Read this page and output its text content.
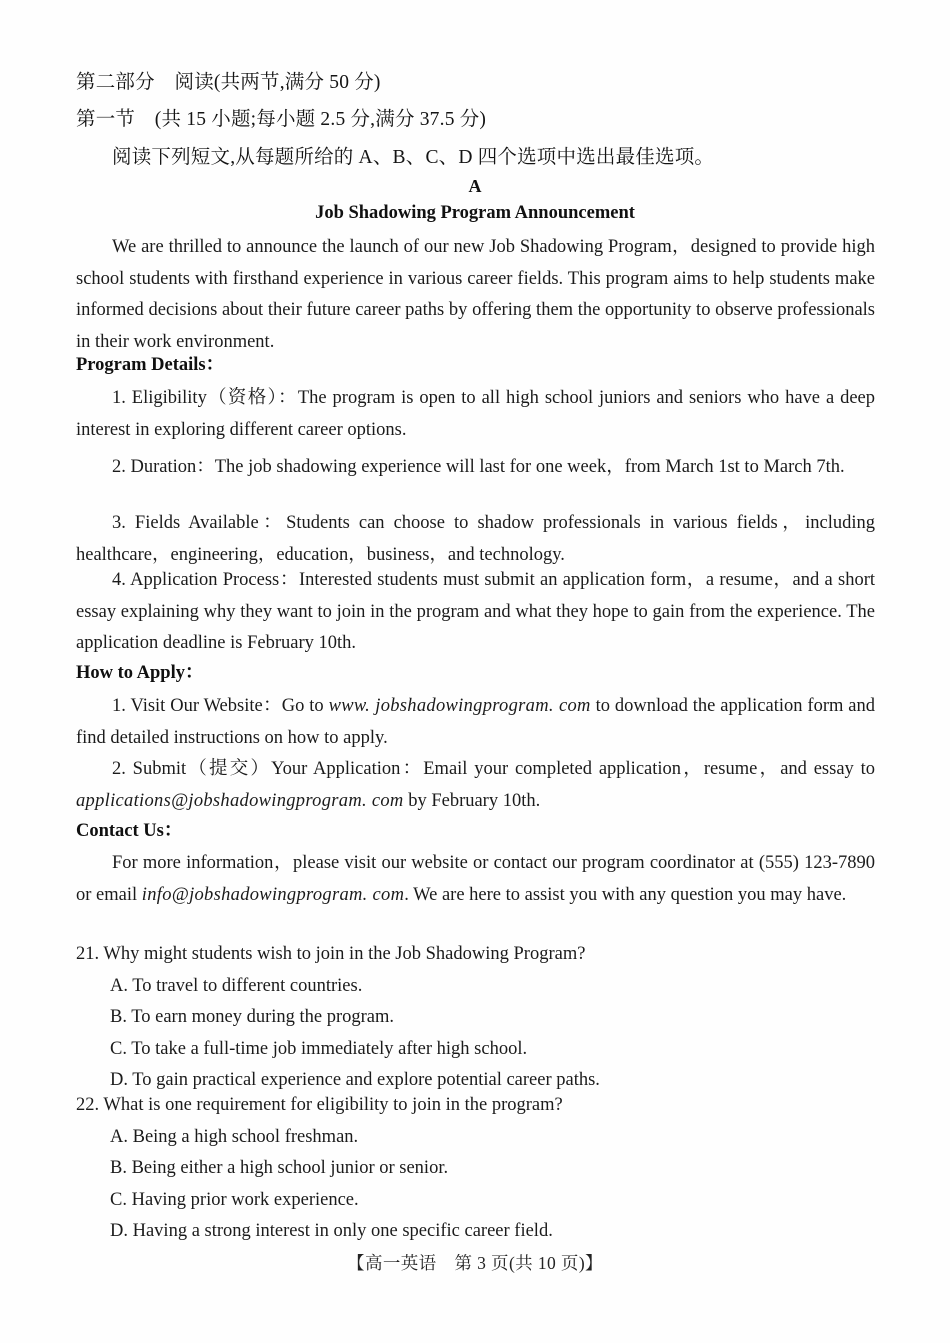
第二部分　阅读(共两节,满分 50 分)
第一节　(共 15 小题;每小题 2.5 分,满分 37.5 分)
阅读下列短文,从每题所给的 A、B、C、D 四个选项中选出最佳选项。
A
Job Shadowing Program Announcement
We are thrilled to announce the launch of our new Job Shadowing Program，designed to provide high school students with firsthand experience in various career fields. This program aims to help students make informed decisions about their future career paths by offering them the opportunity to observe professionals in their work environment.
Program Details：
1. Eligibility（资格）：The program is open to all high school juniors and seniors who have a deep interest in exploring different career options.
2. Duration：The job shadowing experience will last for one week，from March 1st to March 7th.
3. Fields Available：Students can choose to shadow professionals in various fields，including healthcare，engineering，education，business，and technology.
4. Application Process：Interested students must submit an application form，a resume，and a short essay explaining why they want to join in the program and what they hope to gain from the experience. The application deadline is February 10th.
How to Apply：
1. Visit Our Website：Go to www. jobshadowingprogram. com to download the application form and find detailed instructions on how to apply.
2. Submit（提交）Your Application：Email your completed application，resume，and essay to applications@jobshadowingprogram. com by February 10th.
Contact Us：
For more information，please visit our website or contact our program coordinator at (555) 123-7890 or email info@jobshadowingprogram. com. We are here to assist you with any question you may have.
21. Why might students wish to join in the Job Shadowing Program?
A. To travel to different countries.
B. To earn money during the program.
C. To take a full-time job immediately after high school.
D. To gain practical experience and explore potential career paths.
22. What is one requirement for eligibility to join in the program?
A. Being a high school freshman.
B. Being either a high school junior or senior.
C. Having prior work experience.
D. Having a strong interest in only one specific career field.
【高一英语　第 3 页(共 10 页)】
